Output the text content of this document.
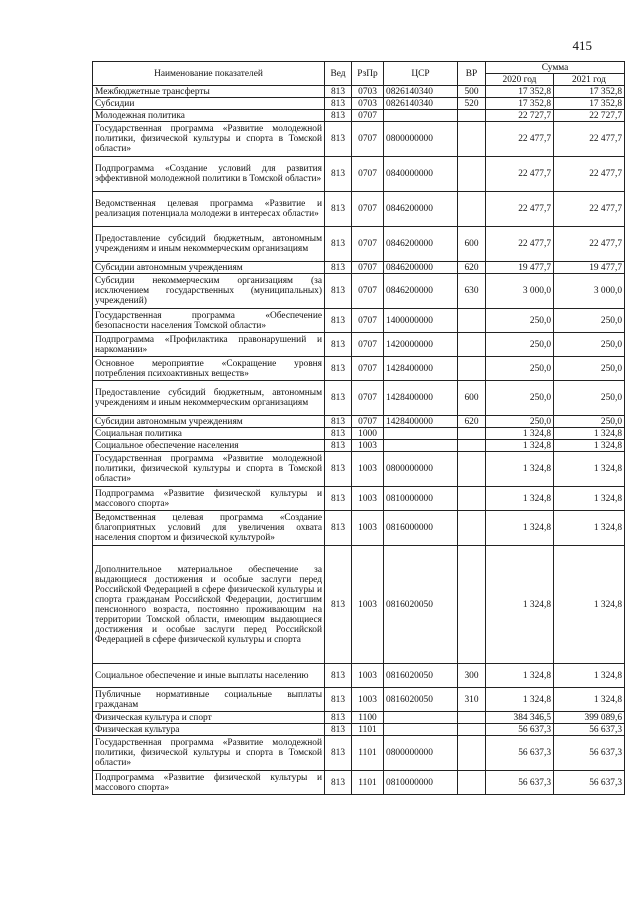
415
Наименование показателей	Вед	РзПр	ЦСР	ВР	Сумма	
					2020 год	2021 год
Межбюджетные трансферты	813	0703	0826140340	500	17 352,8	17 352,8
Субсидии	813	0703	0826140340	520	17 352,8	17 352,8
Молодежная политика	813	0707			22 727,7	22 727,7
Государственная программа «Развитие молодежной политики, физической культуры и спорта в Томской области»	813	0707	0800000000		22 477,7	22 477,7
Подпрограмма «Создание условий для развития эффективной молодежной политики в Томской области»	813	0707	0840000000		22 477,7	22 477,7
Ведомственная целевая программа «Развитие и реализация потенциала молодежи в интересах области»	813	0707	0846200000		22 477,7	22 477,7
Предоставление субсидий бюджетным, автономным учреждениям и иным некоммерческим организациям	813	0707	0846200000	600	22 477,7	22 477,7
Субсидии автономным учреждениям	813	0707	0846200000	620	19 477,7	19 477,7
Субсидии некоммерческим организациям (за исключением государственных (муниципальных) учреждений)	813	0707	0846200000	630	3 000,0	3 000,0
Государственная программа «Обеспечение безопасности населения Томской области»	813	0707	1400000000		250,0	250,0
Подпрограмма «Профилактика правонарушений и наркомании»	813	0707	1420000000		250,0	250,0
Основное мероприятие «Сокращение уровня потребления психоактивных веществ»	813	0707	1428400000		250,0	250,0
Предоставление субсидий бюджетным, автономным учреждениям и иным некоммерческим организациям	813	0707	1428400000	600	250,0	250,0
Субсидии автономным учреждениям	813	0707	1428400000	620	250,0	250,0
Социальная политика	813	1000			1 324,8	1 324,8
Социальное обеспечение населения	813	1003			1 324,8	1 324,8
Государственная программа «Развитие молодежной политики, физической культуры и спорта в Томской области»	813	1003	0800000000		1 324,8	1 324,8
Подпрограмма «Развитие физической культуры и массового спорта»	813	1003	0810000000		1 324,8	1 324,8
Ведомственная целевая программа «Создание благоприятных условий для увеличения охвата населения спортом и физической культурой»	813	1003	0816000000		1 324,8	1 324,8
Дополнительное материальное обеспечение за выдающиеся достижения и особые заслуги перед Российской Федерацией в сфере физической культуры и спорта гражданам Российской Федерации, достигшим пенсионного возраста, постоянно проживающим на территории Томской области, имеющим выдающиеся достижения и особые заслуги перед Российской Федерацией в сфере физической культуры и спорта	813	1003	0816020050		1 324,8	1 324,8
Социальное обеспечение и иные выплаты населению	813	1003	0816020050	300	1 324,8	1 324,8
Публичные нормативные социальные выплаты гражданам	813	1003	0816020050	310	1 324,8	1 324,8
Физическая культура и спорт	813	1100			384 346,5	399 089,6
Физическая культура	813	1101			56 637,3	56 637,3
Государственная программа «Развитие молодежной политики, физической культуры и спорта в Томской области»	813	1101	0800000000		56 637,3	56 637,3
Подпрограмма «Развитие физической культуры и массового спорта»	813	1101	0810000000		56 637,3	56 637,3
